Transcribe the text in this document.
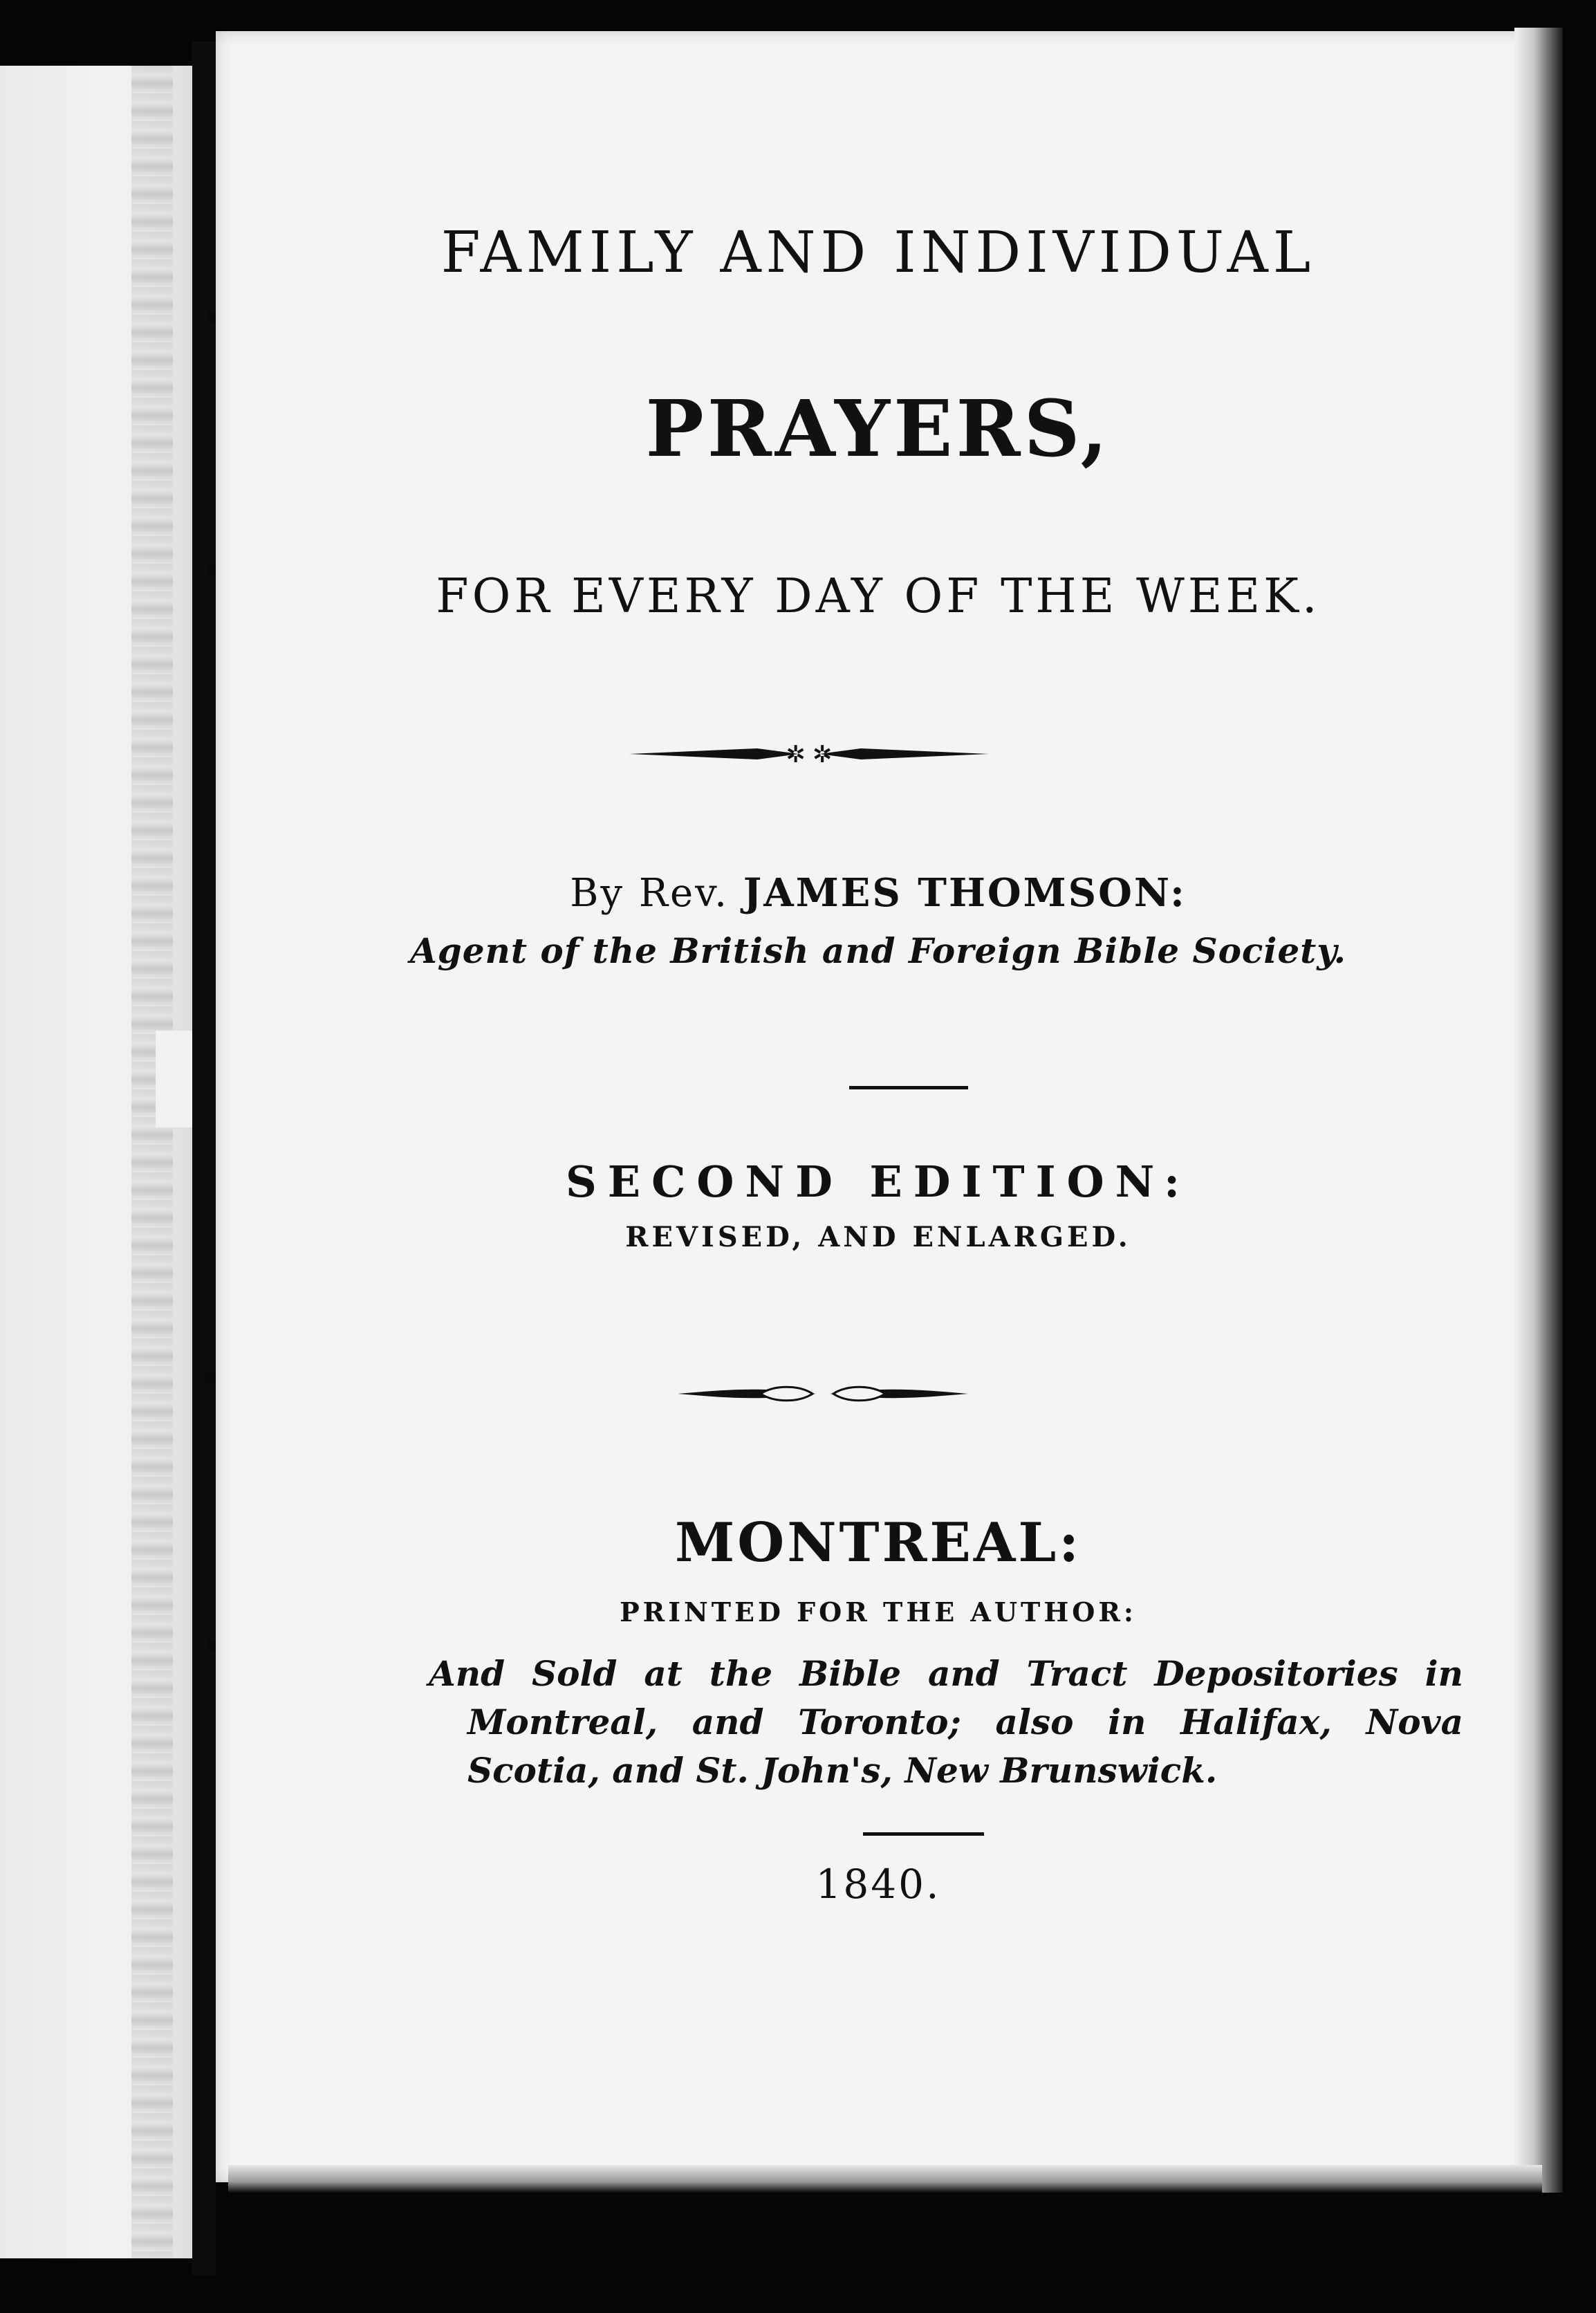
FAMILY AND INDIVIDUAL
PRAYERS,
FOR EVERY DAY OF THE WEEK.
✲ ✲
By Rev. JAMES THOMSON:
Agent of the British and Foreign Bible Society.
SECOND EDITION:
REVISED, AND ENLARGED.
MONTREAL:
PRINTED FOR THE AUTHOR:
And Sold at the Bible and Tract Depositories in Montreal, and Toronto; also in Halifax, Nova Scotia, and St. John's, New Brunswick.
1840.
